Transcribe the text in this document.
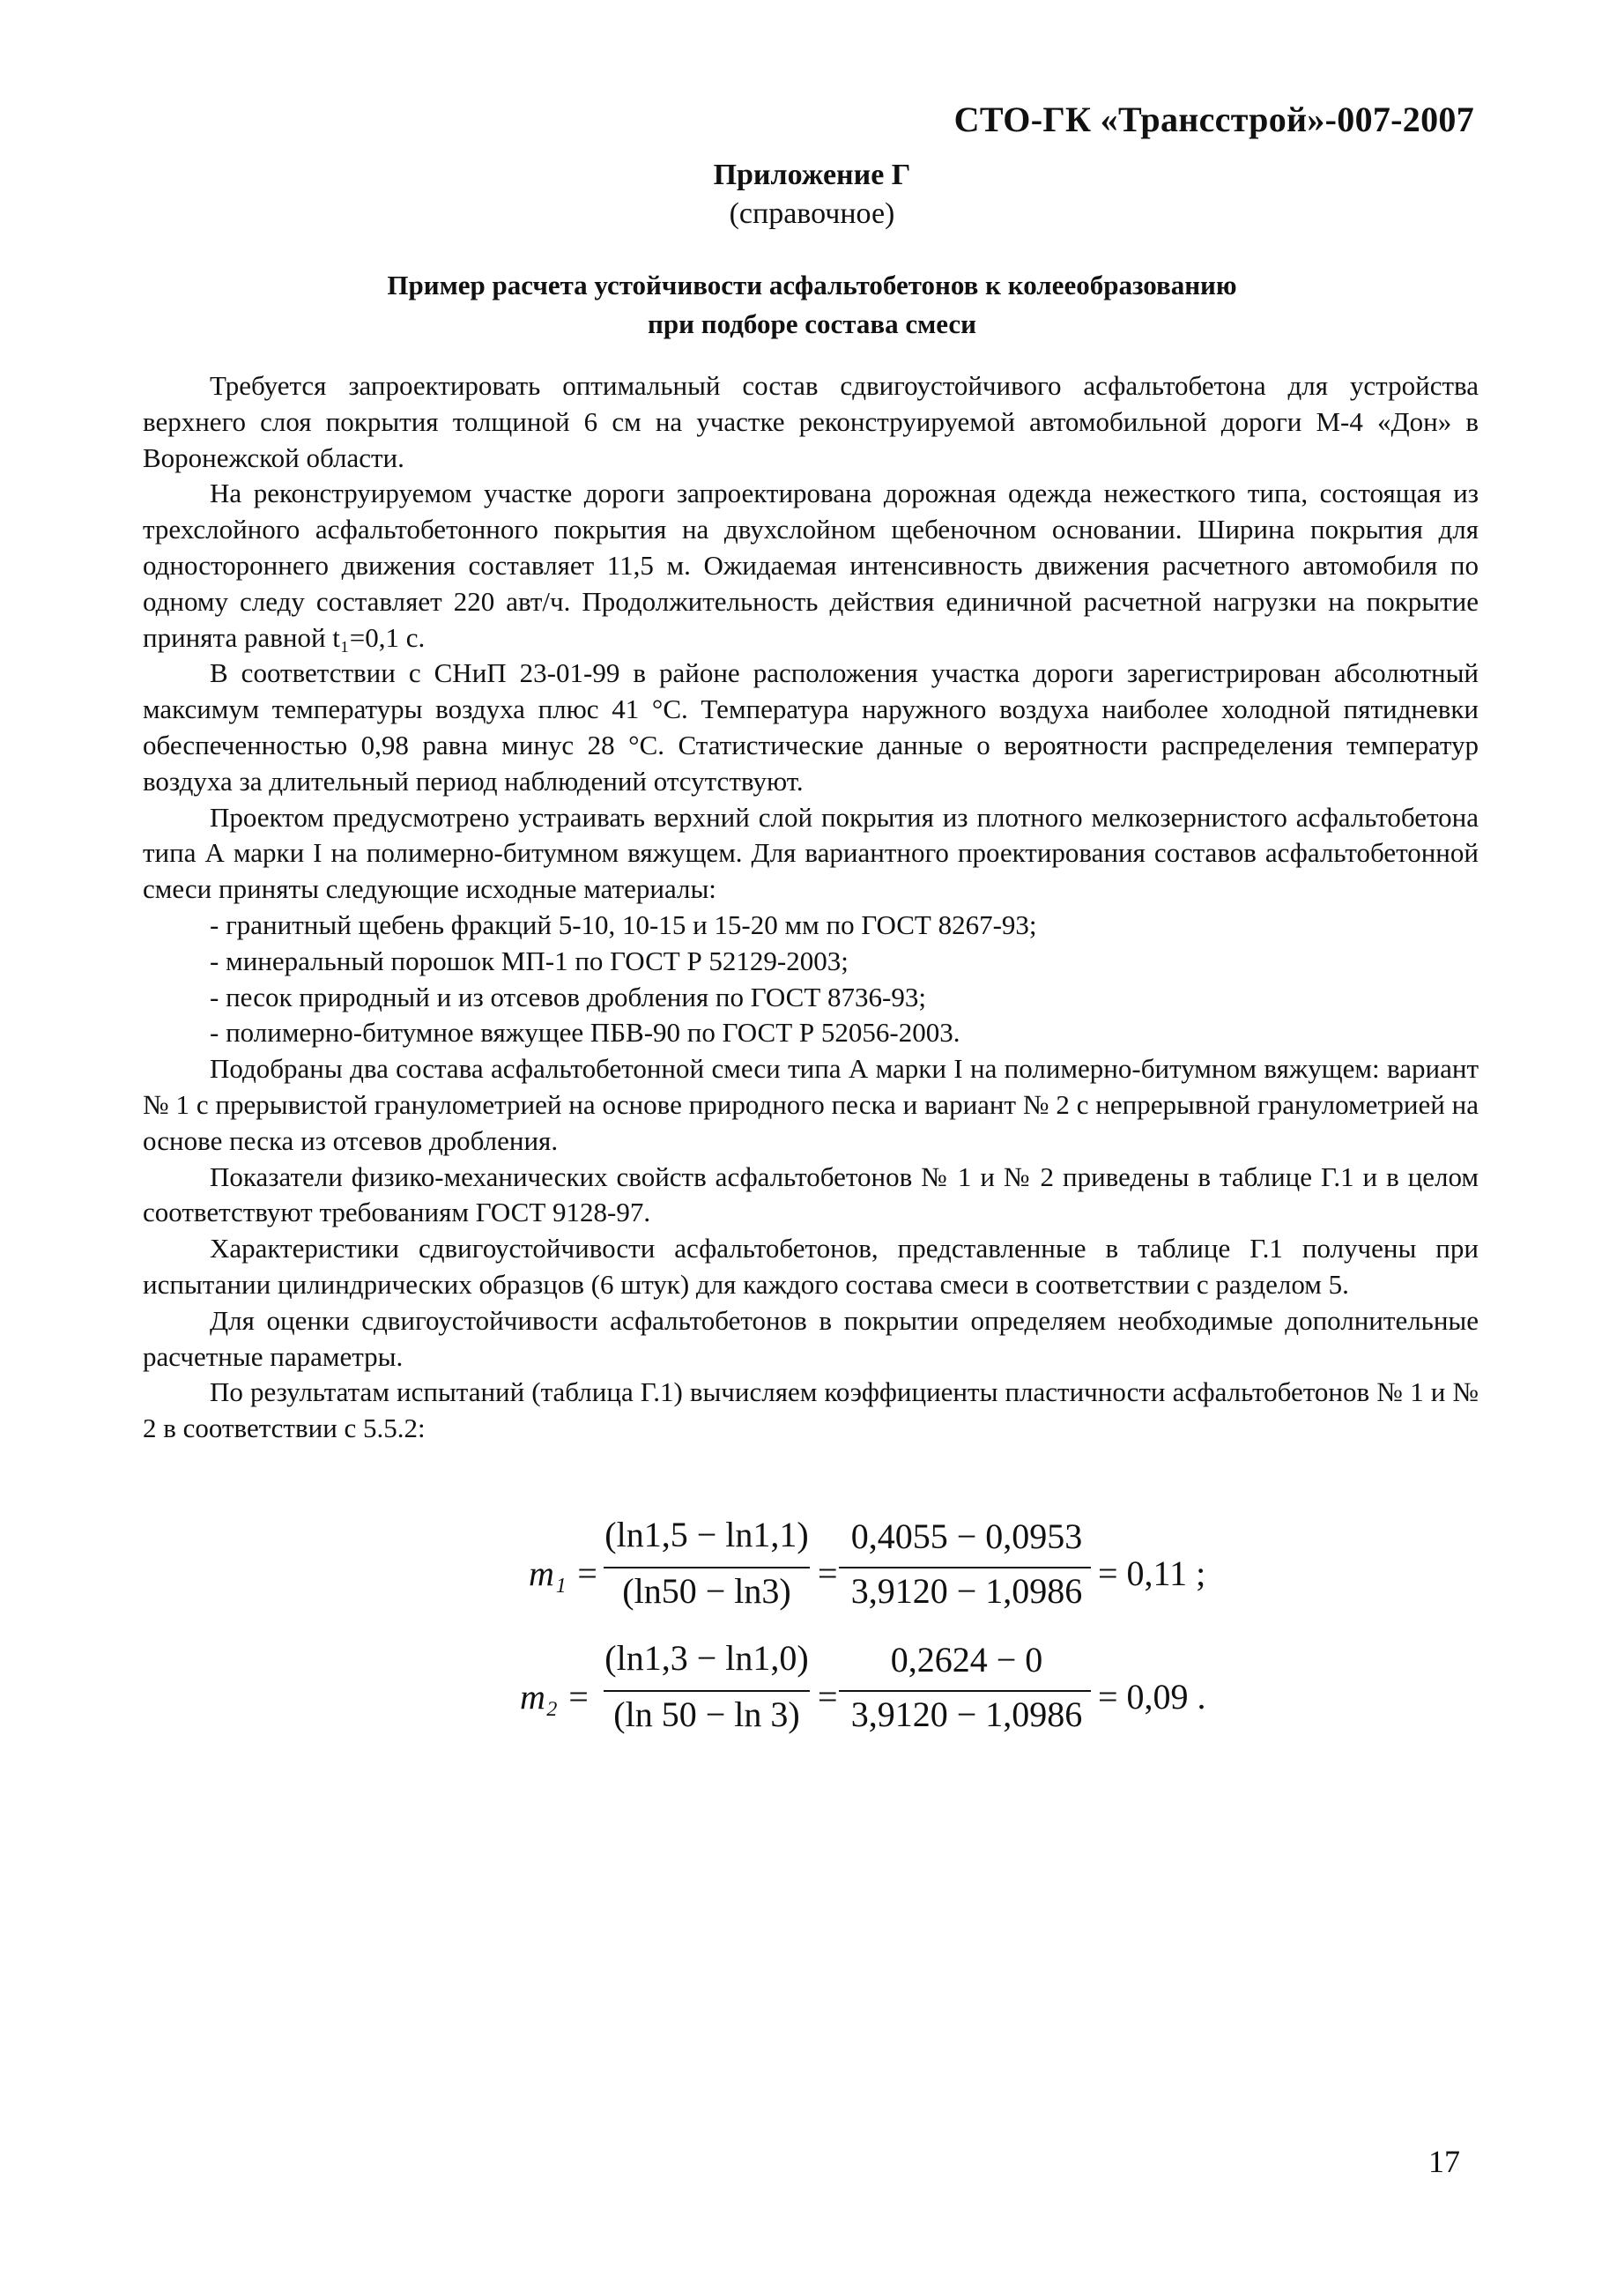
СТО-ГК «Трансстрой»-007-2007
Приложение Г
(справочное)
Пример расчета устойчивости асфальтобетонов к колееобразованию
при подборе состава смеси

Требуется запроектировать оптимальный состав сдвигоустойчивого асфальтобетона для устройства верхнего слоя покрытия толщиной 6 см на участке реконструируемой автомобильной дороги М-4 «Дон» в Воронежской области.

На реконструируемом участке дороги запроектирована дорожная одежда нежесткого типа, состоящая из трехслойного асфальтобетонного покрытия на двухслойном щебеночном основании. Ширина покрытия для одностороннего движения составляет 11,5 м. Ожидаемая интенсивность движения расчетного автомобиля по одному следу составляет 220 авт/ч. Продолжительность действия единичной расчетной нагрузки на покрытие принята равной t₁=0,1 с.

В соответствии с СНиП 23-01-99 в районе расположения участка дороги зарегистрирован абсолютный максимум температуры воздуха плюс 41 °С. Температура наружного воздуха наиболее холодной пятидневки обеспеченностью 0,98 равна минус 28 °С. Статистические данные о вероятности распределения температур воздуха за длительный период наблюдений отсутствуют.

Проектом предусмотрено устраивать верхний слой покрытия из плотного мелкозернистого асфальтобетона типа А марки I на полимерно-битумном вяжущем. Для вариантного проектирования составов асфальтобетонной смеси приняты следующие исходные материалы:

- гранитный щебень фракций 5-10, 10-15 и 15-20 мм по ГОСТ 8267-93;

- минеральный порошок МП-1 по ГОСТ Р 52129-2003;

- песок природный и из отсевов дробления по ГОСТ 8736-93;

- полимерно-битумное вяжущее ПБВ-90 по ГОСТ Р 52056-2003.

Подобраны два состава асфальтобетонной смеси типа А марки I на полимерно-битумном вяжущем: вариант № 1 с прерывистой гранулометрией на основе природного песка и вариант № 2 с непрерывной гранулометрией на основе песка из отсевов дробления.

Показатели физико-механических свойств асфальтобетонов № 1 и № 2 приведены в таблице Г.1 и в целом соответствуют требованиям ГОСТ 9128-97.

Характеристики сдвигоустойчивости асфальтобетонов, представленные в таблице Г.1 получены при испытании цилиндрических образцов (6 штук) для каждого состава смеси в соответствии с разделом 5.

Для оценки сдвигоустойчивости асфальтобетонов в покрытии определяем необходимые дополнительные расчетные параметры.

По результатам испытаний (таблица Г.1) вычисляем коэффициенты пластичности асфальтобетонов № 1 и № 2 в соответствии с 5.5.2:

m₁ =
(ln1,5 − ln1,1)
(ln50 − ln3) =
0,4055 − 0,0953
3,9120 − 1,0986 = 0,11 ;
m₂ =
(ln1,3 − ln1,0)
(ln 50 − ln 3) =
0,2624 − 0
3,9120 − 1,0986 = 0,09 .
17
